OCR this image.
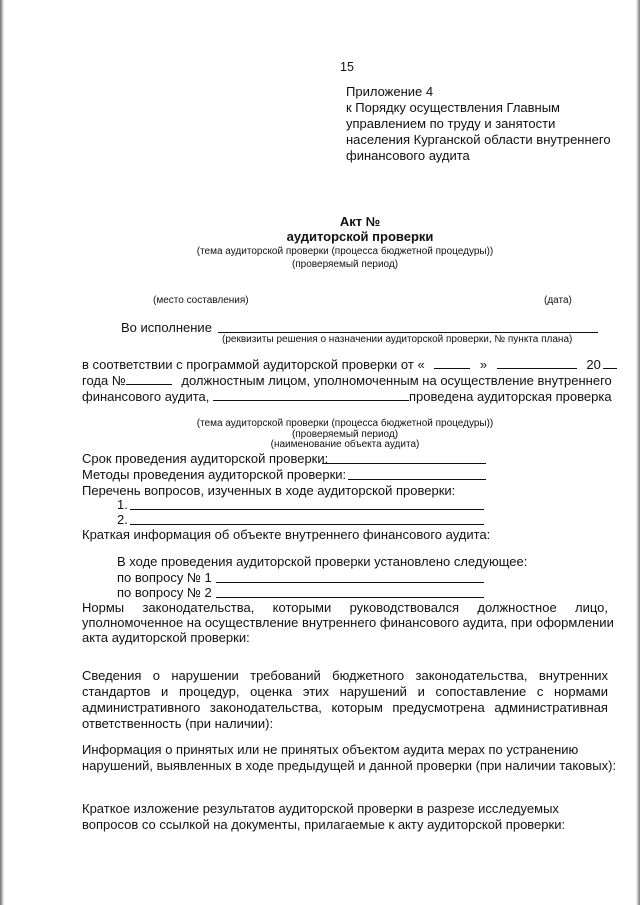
15
Приложение 4
к Порядку осуществления Главным
управлением по труду и занятости
населения Курганской области внутреннего
финансового аудита
Акт №
аудиторской проверки
(тема аудиторской проверки (процесса бюджетной процедуры))
(проверяемый период)
(место составления)	(дата)
Во исполнение
(реквизиты решения о назначении аудиторской проверки, № пункта плана)
в соответствии с программой аудиторской проверки от «	»	20
года №	должностным лицом, уполномоченным на осуществление внутреннего
финансового аудита,	проведена аудиторская проверка
(тема аудиторской проверки (процесса бюджетной процедуры))
(проверяемый период)
(наименование объекта аудита)
Срок проведения аудиторской проверки:
Методы проведения аудиторской проверки:
Перечень вопросов, изученных в ходе аудиторской проверки:
1.
2.
Краткая информация об объекте внутреннего финансового аудита:
В ходе проведения аудиторской проверки установлено следующее:
по вопросу № 1
по вопросу № 2
Нормы законодательства, которыми руководствовался должностное лицо,
уполномоченное на осуществление внутреннего финансового аудита, при оформлении
акта аудиторской проверки:
Сведения о нарушении требований бюджетного законодательства, внутренних
стандартов и процедур, оценка этих нарушений и сопоставление с нормами
административного законодательства, которым предусмотрена административная
ответственность (при наличии):
Информация о принятых или не принятых объектом аудита мерах по устранению
нарушений, выявленных в ходе предыдущей и данной проверки (при наличии таковых):
Краткое изложение результатов аудиторской проверки в разрезе исследуемых
вопросов со ссылкой на документы, прилагаемые к акту аудиторской проверки:
